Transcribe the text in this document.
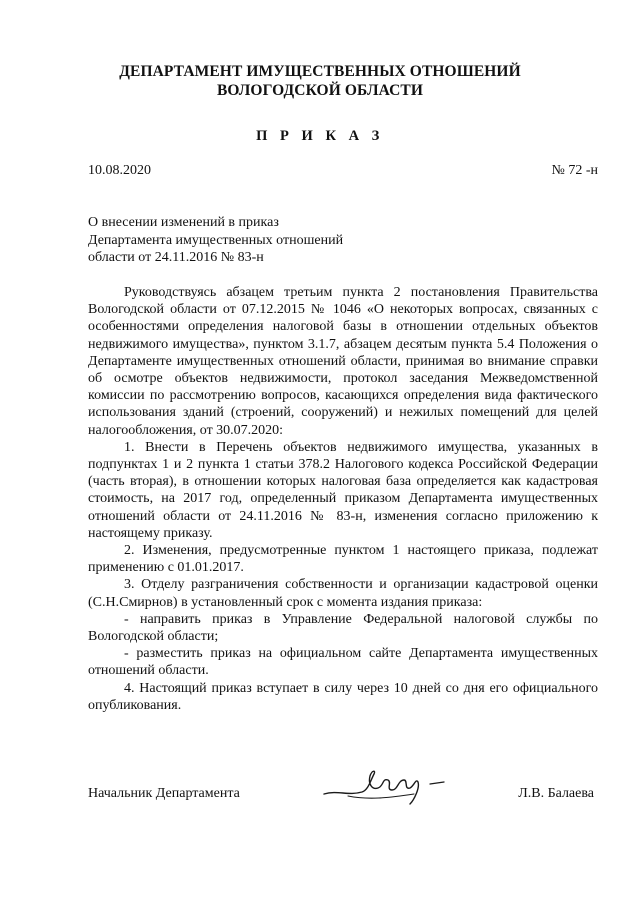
ДЕПАРТАМЕНТ ИМУЩЕСТВЕННЫХ ОТНОШЕНИЙ
ВОЛОГОДСКОЙ ОБЛАСТИ
П Р И К А З
10.08.2020	№ 72 -н
О внесении изменений в приказ
Департамента имущественных отношений
области от 24.11.2016 № 83-н

Руководствуясь абзацем третьим пункта 2 постановления Правительства Вологодской области от 07.12.2015 № 1046 «О некоторых вопросах, связанных с особенностями определения налоговой базы в отношении отдельных объектов недвижимого имущества», пунктом 3.1.7, абзацем десятым пункта 5.4 Положения о Департаменте имущественных отношений области, принимая во внимание справки об осмотре объектов недвижимости, протокол заседания Межведомственной комиссии по рассмотрению вопросов, касающихся определения вида фактического использования зданий (строений, сооружений) и нежилых помещений для целей налогообложения, от 30.07.2020:

1. Внести в Перечень объектов недвижимого имущества, указанных в подпунктах 1 и 2 пункта 1 статьи 378.2 Налогового кодекса Российской Федерации (часть вторая), в отношении которых налоговая база определяется как кадастровая стоимость, на 2017 год, определенный приказом Департамента имущественных отношений области от 24.11.2016 № 83-н, изменения согласно приложению к настоящему приказу.

2. Изменения, предусмотренные пунктом 1 настоящего приказа, подлежат применению с 01.01.2017.

3. Отделу разграничения собственности и организации кадастровой оценки (С.Н.Смирнов) в установленный срок с момента издания приказа:

- направить приказ в Управление Федеральной налоговой службы по Вологодской области;

- разместить приказ на официальном сайте Департамента имущественных отношений области.

4. Настоящий приказ вступает в силу через 10 дней со дня его официального опубликования.

Начальник Департамента	Л.В. Балаева
